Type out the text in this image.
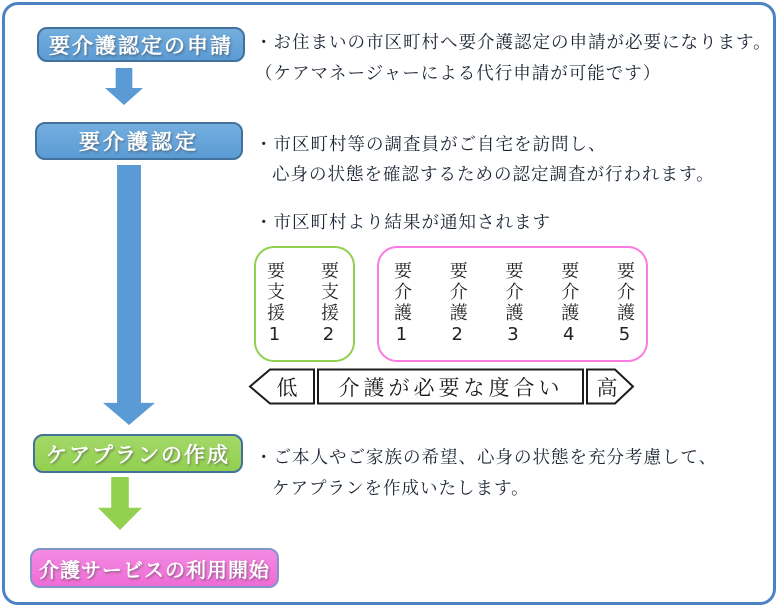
要介護認定の申請
要介護認定
ケアプランの作成
介護サービスの利用開始

・お住まいの市区町村へ要介護認定の申請が必要になります。

（ケアマネージャーによる代行申請が可能です）

・市区町村等の調査員がご自宅を訪問し、

心身の状態を確認するための認定調査が行われます。

・市区町村より結果が通知されます

・ご本人やご家族の希望、心身の状態を充分考慮して、

ケアプランを作成いたします。

要支援1 要支援2	要介護1 要介護2 要介護3 要介護4 要介護5
低 介護が必要な度合い 高
